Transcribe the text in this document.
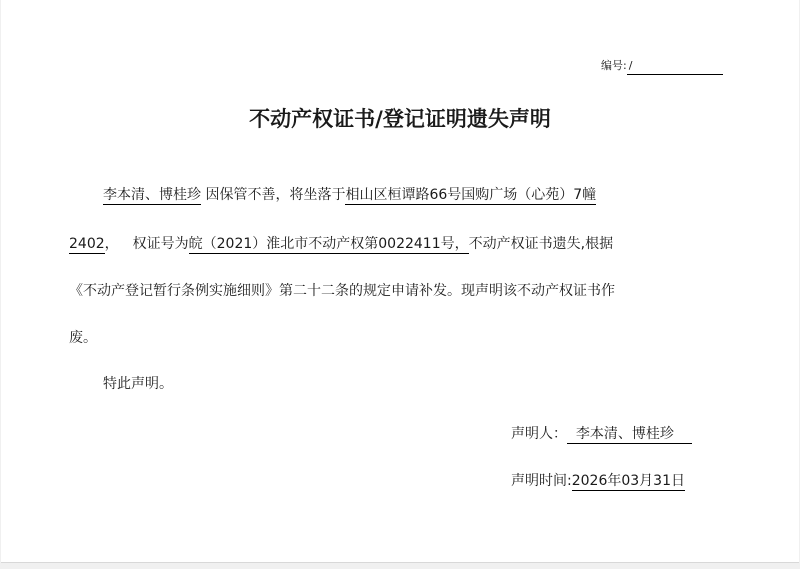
编号: /
不动产权证书/登记证明遗失声明
李本清、博桂珍 因保管不善，将坐落于相山区桓谭路66号国购广场（心苑）7幢
2402， 权证号为皖（2021）淮北市不动产权第0022411号，不动产权证书遗失,根据
《不动产登记暂行条例实施细则》第二十二条的规定申请补发。现声明该不动产权证书作
废。
特此声明。
声明人： 李本清、博桂珍
声明时间:2026年03月31日
